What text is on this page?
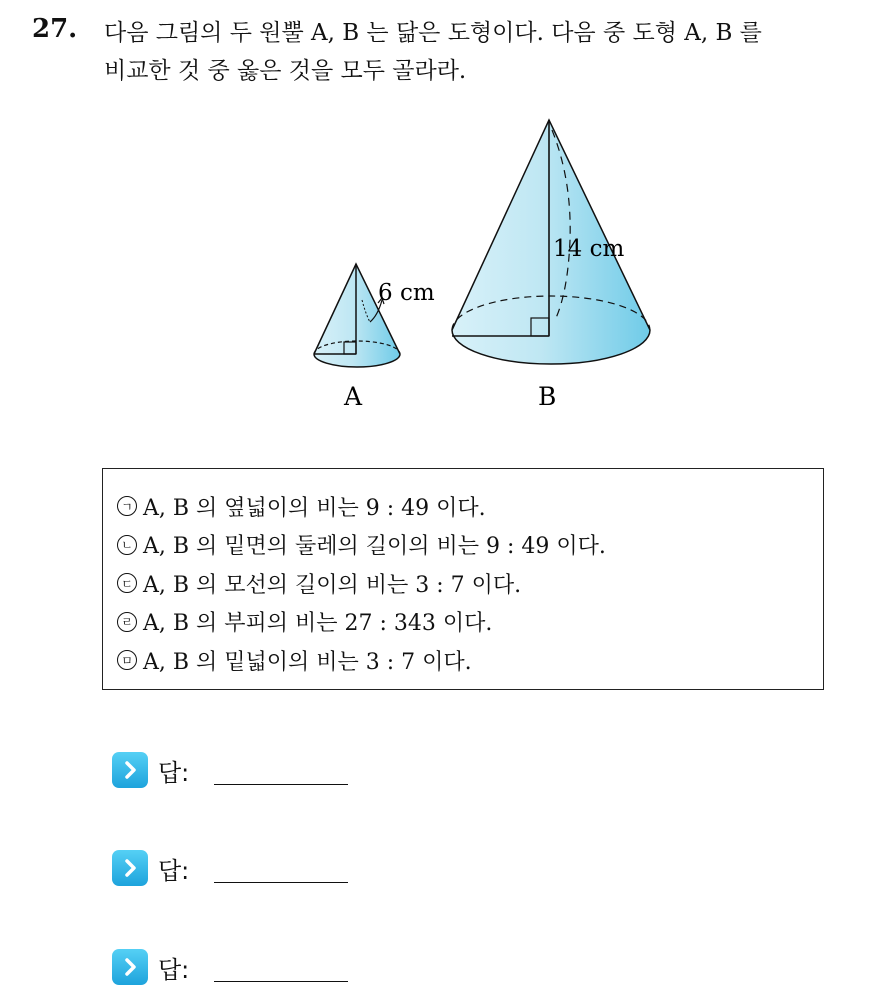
27. 다음 그림의 두 원뿔 A, B 는 닮은 도형이다. 다음 중 도형 A, B 를
비교한 것 중 옳은 것을 모두 골라라.
6 cm
A
14 cm
B
ㄱ A, B 의 옆넓이의 비는 9 : 49 이다.
ㄴ A, B 의 밑면의 둘레의 길이의 비는 9 : 49 이다.
ㄷ A, B 의 모선의 길이의 비는 3 : 7 이다.
ㄹ A, B 의 부피의 비는 27 : 343 이다.
ㅁ A, B 의 밑넓이의 비는 3 : 7 이다.
답:
답:
답:
